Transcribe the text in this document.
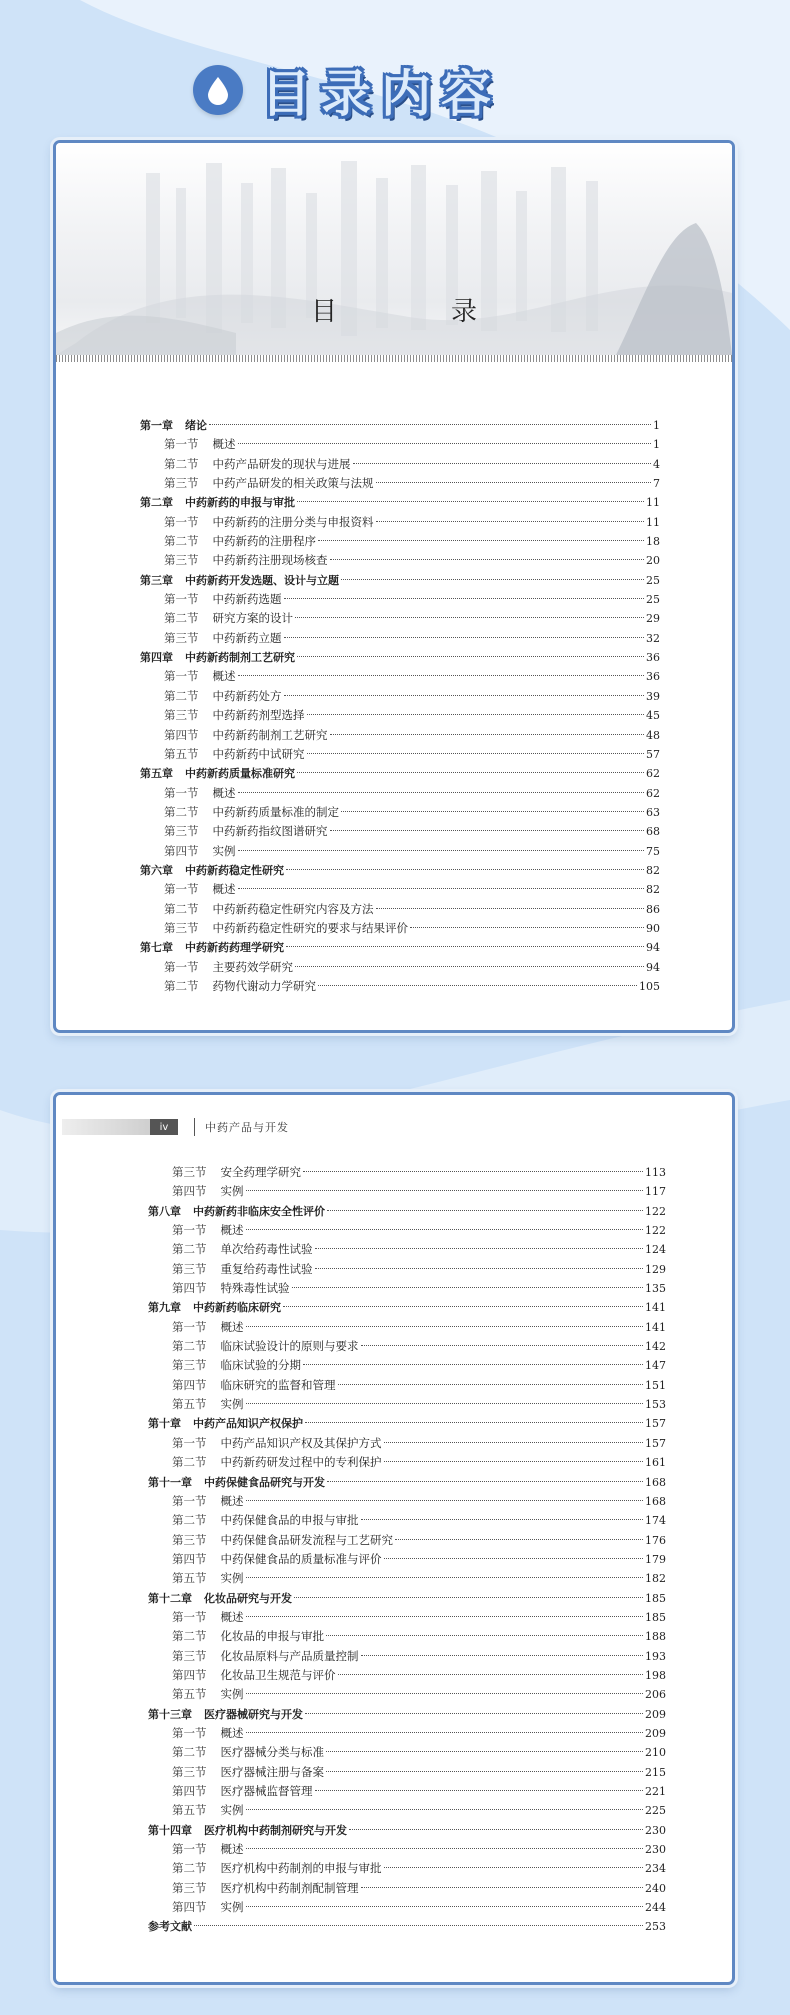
目录内容
目　录
第一章 绪论	1
第一节 概述	1
第二节 中药产品研发的现状与进展	4
第三节 中药产品研发的相关政策与法规	7
第二章 中药新药的申报与审批	11
第一节 中药新药的注册分类与申报资料	11
第二节 中药新药的注册程序	18
第三节 中药新药注册现场核查	20
第三章 中药新药开发选题、设计与立题	25
第一节 中药新药选题	25
第二节 研究方案的设计	29
第三节 中药新药立题	32
第四章 中药新药制剂工艺研究	36
第一节 概述	36
第二节 中药新药处方	39
第三节 中药新药剂型选择	45
第四节 中药新药制剂工艺研究	48
第五节 中药新药中试研究	57
第五章 中药新药质量标准研究	62
第一节 概述	62
第二节 中药新药质量标准的制定	63
第三节 中药新药指纹图谱研究	68
第四节 实例	75
第六章 中药新药稳定性研究	82
第一节 概述	82
第二节 中药新药稳定性研究内容及方法	86
第三节 中药新药稳定性研究的要求与结果评价	90
第七章 中药新药药理学研究	94
第一节 主要药效学研究	94
第二节 药物代谢动力学研究	105
iv	中药产品与开发
第三节 安全药理学研究	113
第四节 实例	117
第八章 中药新药非临床安全性评价	122
第一节 概述	122
第二节 单次给药毒性试验	124
第三节 重复给药毒性试验	129
第四节 特殊毒性试验	135
第九章 中药新药临床研究	141
第一节 概述	141
第二节 临床试验设计的原则与要求	142
第三节 临床试验的分期	147
第四节 临床研究的监督和管理	151
第五节 实例	153
第十章 中药产品知识产权保护	157
第一节 中药产品知识产权及其保护方式	157
第二节 中药新药研发过程中的专利保护	161
第十一章 中药保健食品研究与开发	168
第一节 概述	168
第二节 中药保健食品的申报与审批	174
第三节 中药保健食品研发流程与工艺研究	176
第四节 中药保健食品的质量标准与评价	179
第五节 实例	182
第十二章 化妆品研究与开发	185
第一节 概述	185
第二节 化妆品的申报与审批	188
第三节 化妆品原料与产品质量控制	193
第四节 化妆品卫生规范与评价	198
第五节 实例	206
第十三章 医疗器械研究与开发	209
第一节 概述	209
第二节 医疗器械分类与标准	210
第三节 医疗器械注册与备案	215
第四节 医疗器械监督管理	221
第五节 实例	225
第十四章 医疗机构中药制剂研究与开发	230
第一节 概述	230
第二节 医疗机构中药制剂的申报与审批	234
第三节 医疗机构中药制剂配制管理	240
第四节 实例	244
参考文献	253
